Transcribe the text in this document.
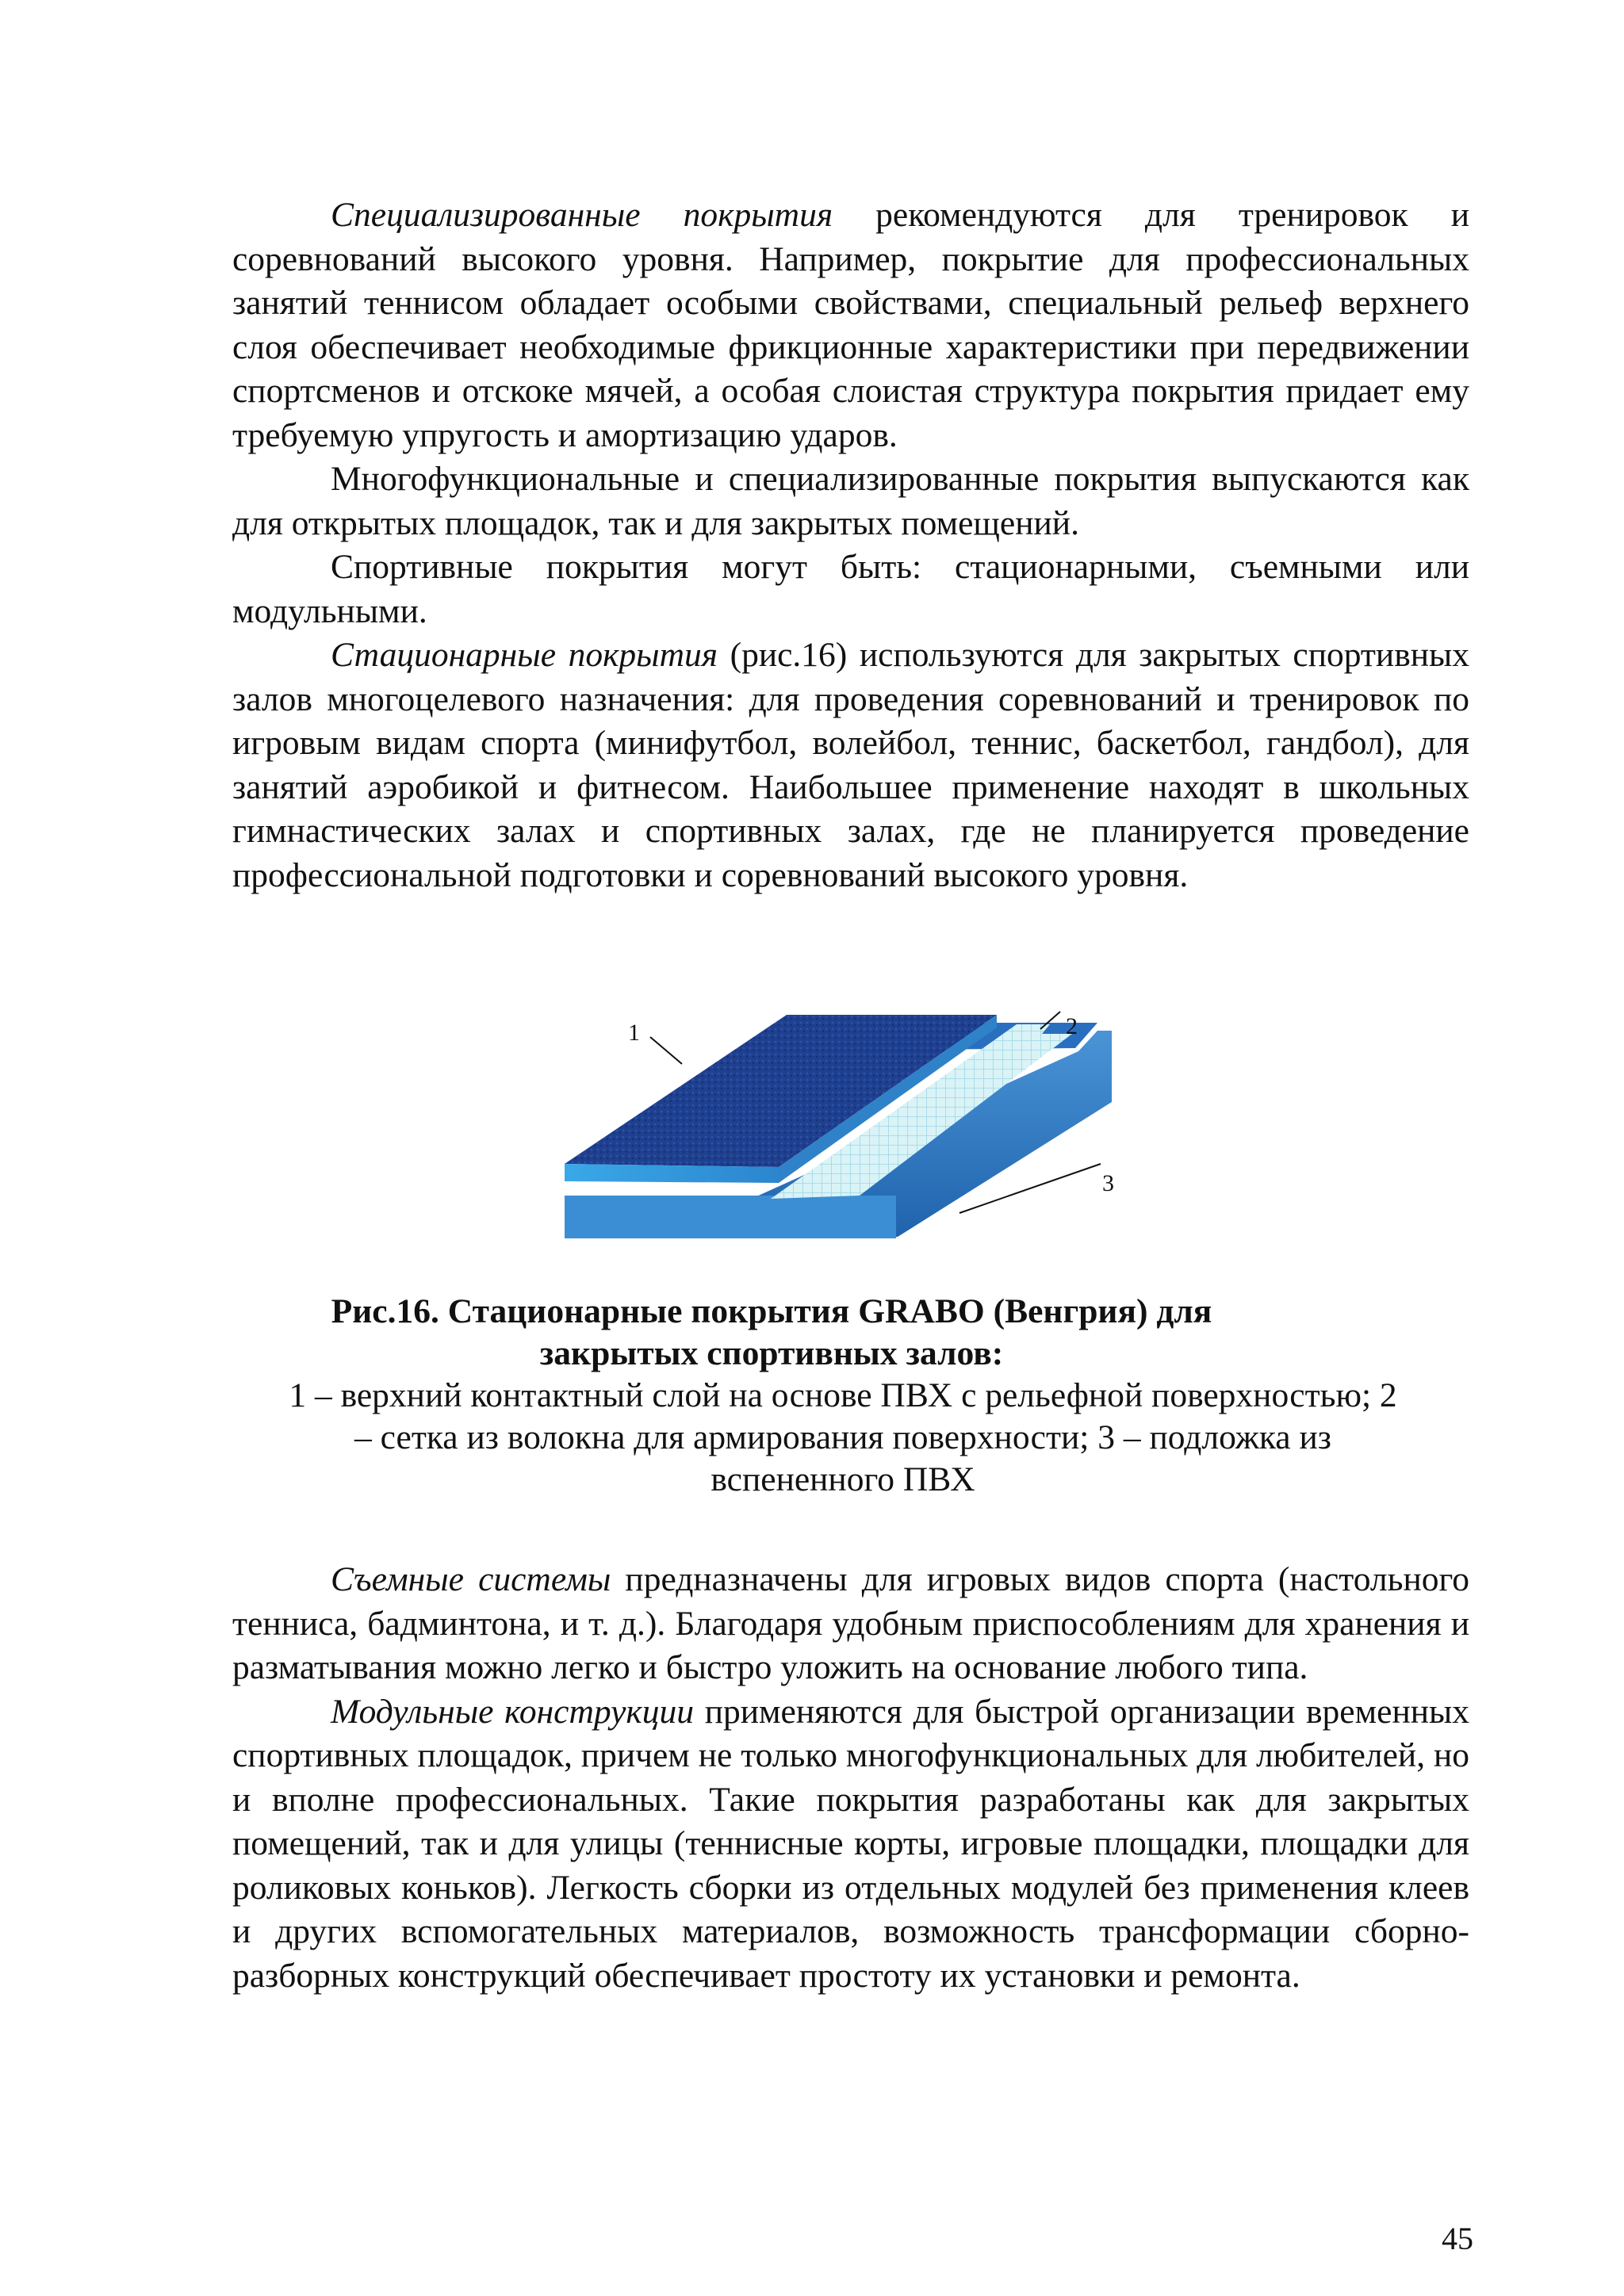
Специализированные покрытия рекомендуются для тренировок и соревнований высокого уровня. Например, покрытие для профессиональных занятий теннисом обладает особыми свойствами, специальный рельеф верхнего слоя обеспечивает необходимые фрикционные характеристики при передвижении спортсменов и отскоке мячей, а особая слоистая структура покрытия придает ему требуемую упругость и амортизацию ударов.

Многофункциональные и специализированные покрытия выпускаются как для открытых площадок, так и для закрытых помещений.

Спортивные покрытия могут быть: стационарными, съемными или модульными.

Стационарные покрытия (рис.16) используются для закрытых спортивных залов многоцелевого назначения: для проведения соревнований и тренировок по игровым видам спорта (минифутбол, волейбол, теннис, баскетбол, гандбол), для занятий аэробикой и фитнесом. Наибольшее применение находят в школьных гимнастических залах и спортивных залах, где не планируется проведение профессиональной подготовки и соревнований высокого уровня.

1	2
3
Рис.16. Стационарные покрытия GRABO (Венгрия) для закрытых спортивных залов:
1 – верхний контактный слой на основе ПВХ с рельефной поверхностью; 2 – сетка из волокна для армирования поверхности; 3 – подложка из вспененного ПВХ

Съемные системы предназначены для игровых видов спорта (настольного тенниса, бадминтона, и т. д.). Благодаря удобным приспособлениям для хранения и разматывания можно легко и быстро уложить на основание любого типа.

Модульные конструкции применяются для быстрой организации временных спортивных площадок, причем не только многофункциональных для любителей, но и вполне профессиональных. Такие покрытия разработаны как для закрытых помещений, так и для улицы (теннисные корты, игровые площадки, площадки для роликовых коньков). Легкость сборки из отдельных модулей без применения клеев и других вспомогательных материалов, возможность трансформации сборно-разборных конструкций обеспечивает простоту их установки и ремонта.

45
